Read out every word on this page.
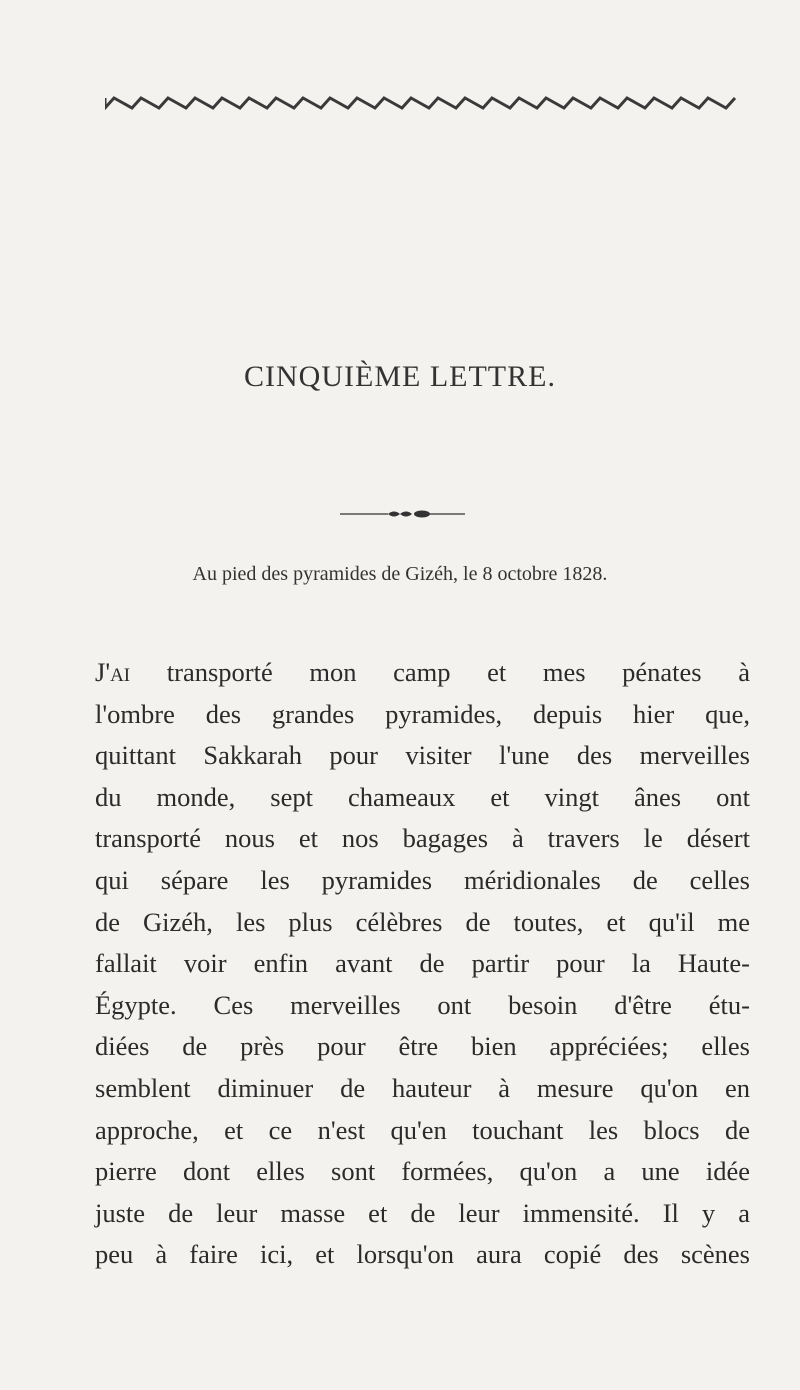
CINQUIÈME LETTRE.

Au pied des pyramides de Gizéh, le 8 octobre 1828.

J'ai transporté mon camp et mes pénates à
l'ombre des grandes pyramides, depuis hier que,
quittant Sakkarah pour visiter l'une des merveilles
du monde, sept chameaux et vingt ânes ont
transporté nous et nos bagages à travers le désert
qui sépare les pyramides méridionales de celles
de Gizéh, les plus célèbres de toutes, et qu'il me
fallait voir enfin avant de partir pour la Haute-
Égypte. Ces merveilles ont besoin d'être étu-
diées de près pour être bien appréciées; elles
semblent diminuer de hauteur à mesure qu'on en
approche, et ce n'est qu'en touchant les blocs de
pierre dont elles sont formées, qu'on a une idée
juste de leur masse et de leur immensité. Il y a
peu à faire ici, et lorsqu'on aura copié des scènes
